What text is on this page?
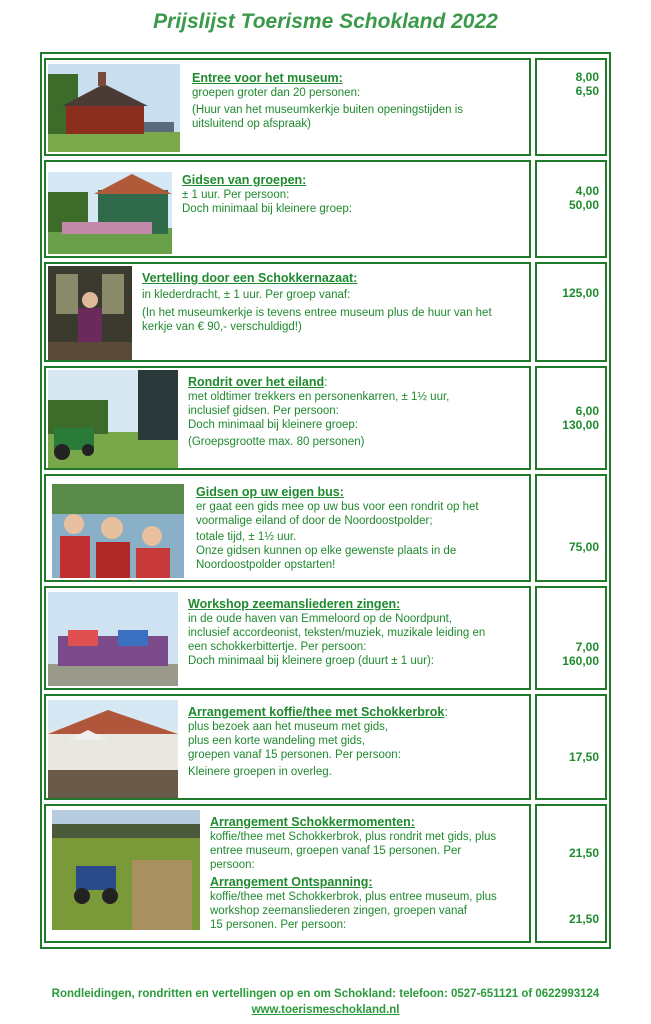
Prijslijst Toerisme Schokland 2022
Entree voor het museum:
groepen groter dan 20 personen:
(Huur van het museumkerkje buiten openingstijden is
uitsluitend op afspraak)
8,00
6,50
Gidsen van groepen:
± 1 uur. Per persoon:
Doch minimaal bij kleinere groep:
4,00
50,00
Vertelling door een Schokkernazaat:
in klederdracht, ± 1 uur. Per groep vanaf:
(In het museumkerkje is tevens entree museum plus de huur van het
kerkje van € 90,- verschuldigd!)
125,00
Rondrit over het eiland:
met oldtimer trekkers en personenkarren, ± 1½ uur,
inclusief gidsen. Per persoon:
Doch minimaal bij kleinere groep:
(Groepsgrootte max. 80 personen)
6,00
130,00
Gidsen op uw eigen bus:
er gaat een gids mee op uw bus voor een rondrit op het
voormalige eiland of door de Noordoostpolder;
totale tijd, ± 1½ uur.
Onze gidsen kunnen op elke gewenste plaats in de
Noordoostpolder opstarten!
75,00
Workshop zeemansliederen zingen:
in de oude haven van Emmeloord op de Noordpunt,
inclusief accordeonist, teksten/muziek, muzikale leiding en
een schokkerbittertje. Per persoon:
Doch minimaal bij kleinere groep (duurt ± 1 uur):
7,00
160,00
Arrangement koffie/thee met Schokkerbrok:
plus bezoek aan het museum met gids,
plus een korte wandeling met gids,
groepen vanaf 15 personen. Per persoon:
Kleinere groepen in overleg.
17,50
Arrangement Schokkermomenten:
koffie/thee met Schokkerbrok, plus rondrit met gids, plus
entree museum, groepen vanaf 15 personen. Per
persoon:
Arrangement Ontspanning:
koffie/thee met Schokkerbrok, plus entree museum, plus
workshop zeemansliederen zingen, groepen vanaf
15 personen. Per persoon:
21,50
21,50
Rondleidingen, rondritten en vertellingen op en om Schokland: telefoon: 0527-651121 of 0622993124
www.toerismeschokland.nl
